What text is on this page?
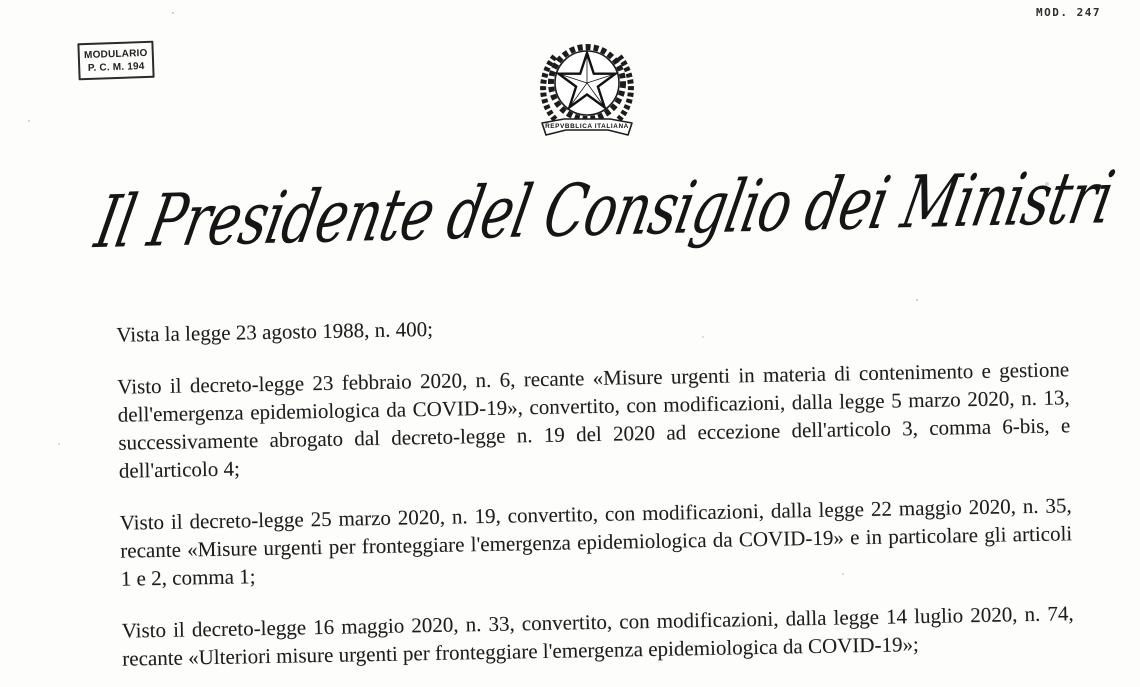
MOD. 247
MODULARIO
P. C. M. 194
REPVBBLICA ITALIANA
Il Presidente del Consiglio dei Ministri

Vista la legge 23 agosto 1988, n. 400;

Visto il decreto-legge 23 febbraio 2020, n. 6, recante «Misure urgenti in materia di contenimento e gestione dell'emergenza epidemiologica da COVID-19», convertito, con modificazioni, dalla legge 5 marzo 2020, n. 13, successivamente abrogato dal decreto-legge n. 19 del 2020 ad eccezione dell'articolo 3, comma 6-bis, e dell'articolo 4;

Visto il decreto-legge 25 marzo 2020, n. 19, convertito, con modificazioni, dalla legge 22 maggio 2020, n. 35, recante «Misure urgenti per fronteggiare l'emergenza epidemiologica da COVID-19» e in particolare gli articoli 1 e 2, comma 1;

Visto il decreto-legge 16 maggio 2020, n. 33, convertito, con modificazioni, dalla legge 14 luglio 2020, n. 74, recante «Ulteriori misure urgenti per fronteggiare l'emergenza epidemiologica da COVID-19»;
